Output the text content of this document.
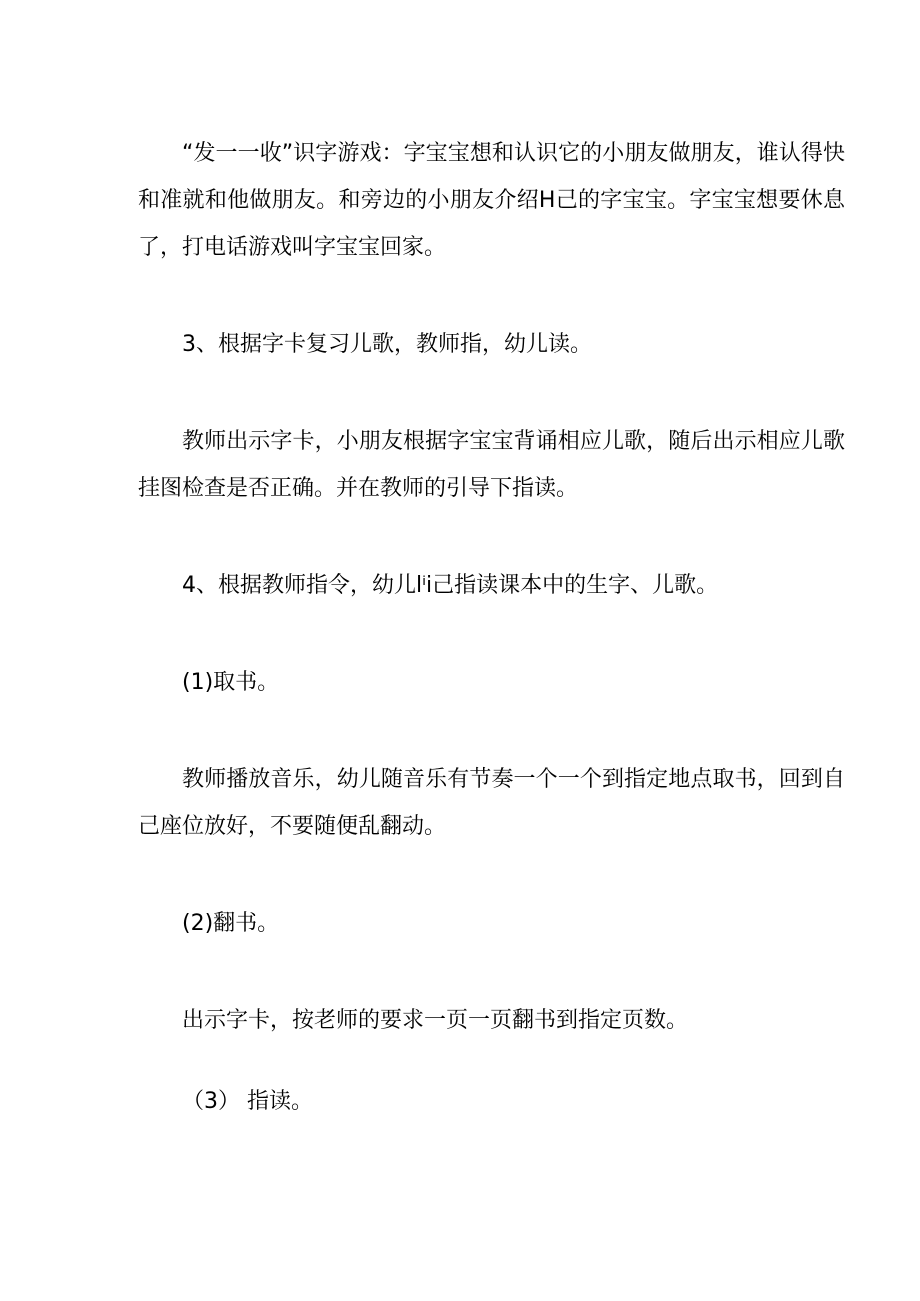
“发一一收”识字游戏：字宝宝想和认识它的小朋友做朋友，谁认得快和准就和他做朋友。和旁边的小朋友介绍H己的字宝宝。字宝宝想要休息了，打电话游戏叫字宝宝回家。

3、根据字卡复习儿歌，教师指，幼儿读。

教师出示字卡，小朋友根据字宝宝背诵相应儿歌，随后出示相应儿歌挂图检查是否正确。并在教师的引导下指读。

4、根据教师指令，幼儿lⁱi己指读课本中的生字、儿歌。

(1)取书。

教师播放音乐，幼儿随音乐有节奏一个一个到指定地点取书，回到自己座位放好，不要随便乱翻动。

(2)翻书。

出示字卡，按老师的要求一页一页翻书到指定页数。

（3） 指读。
